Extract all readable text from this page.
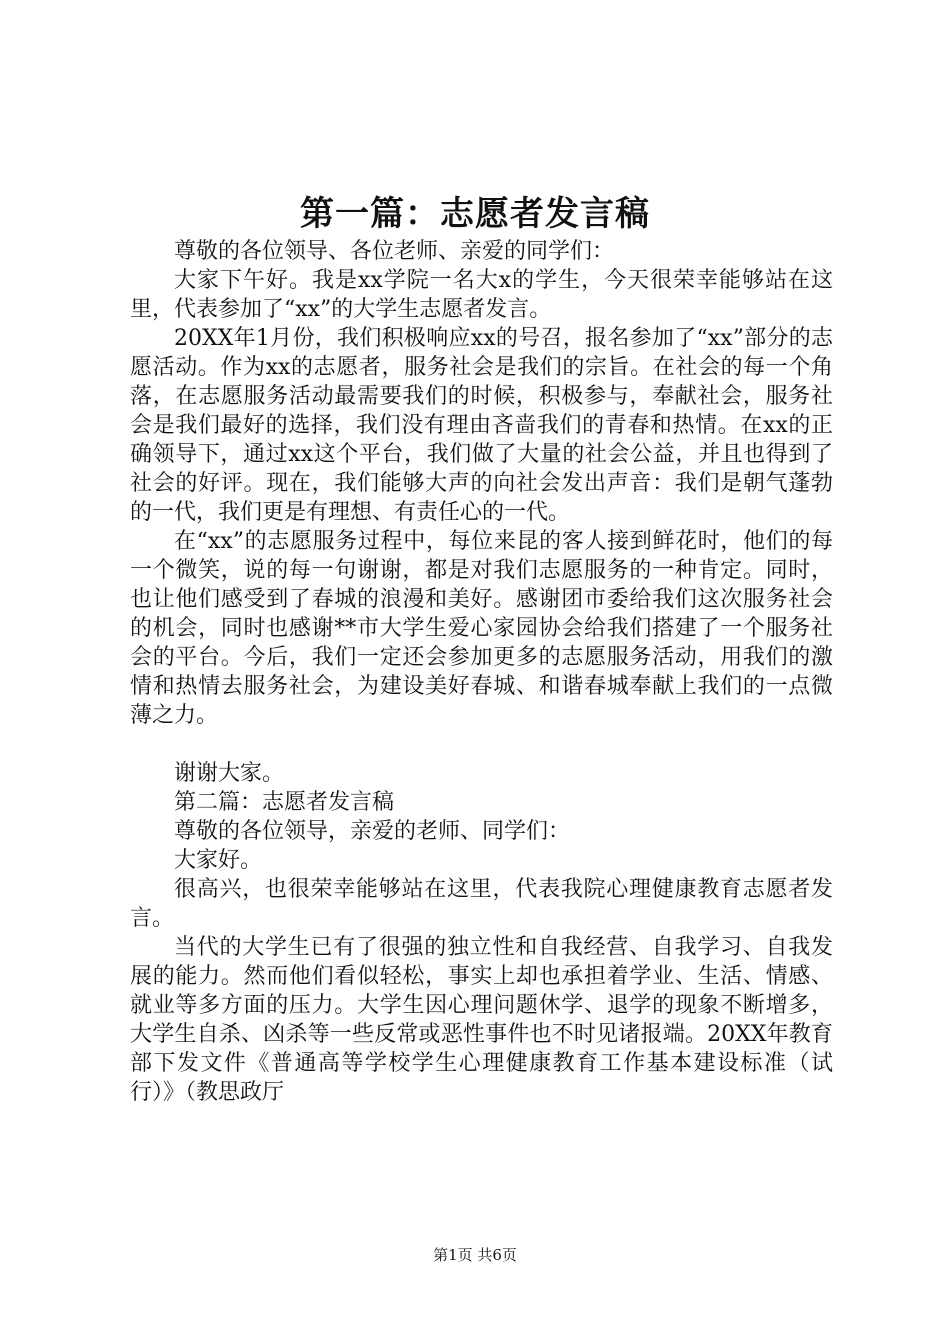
第一篇：志愿者发言稿

尊敬的各位领导、各位老师、亲爱的同学们：

大家下午好。我是xx学院一名大x的学生，今天很荣幸能够站在这里，代表参加了“xx”的大学生志愿者发言。

20XX年1月份，我们积极响应xx的号召，报名参加了“xx”部分的志愿活动。作为xx的志愿者，服务社会是我们的宗旨。在社会的每一个角落，在志愿服务活动最需要我们的时候，积极参与，奉献社会，服务社会是我们最好的选择，我们没有理由吝啬我们的青春和热情。在xx的正确领导下，通过xx这个平台，我们做了大量的社会公益，并且也得到了社会的好评。现在，我们能够大声的向社会发出声音：我们是朝气蓬勃的一代，我们更是有理想、有责任心的一代。

在“xx”的志愿服务过程中，每位来昆的客人接到鲜花时，他们的每一个微笑，说的每一句谢谢，都是对我们志愿服务的一种肯定。同时，也让他们感受到了春城的浪漫和美好。感谢团市委给我们这次服务社会的机会，同时也感谢**市大学生爱心家园协会给我们搭建了一个服务社会的平台。今后，我们一定还会参加更多的志愿服务活动，用我们的激情和热情去服务社会，为建设美好春城、和谐春城奉献上我们的一点微薄之力。

谢谢大家。

第二篇：志愿者发言稿

尊敬的各位领导，亲爱的老师、同学们：

大家好。

很高兴，也很荣幸能够站在这里，代表我院心理健康教育志愿者发言。

当代的大学生已有了很强的独立性和自我经营、自我学习、自我发展的能力。然而他们看似轻松，事实上却也承担着学业、生活、情感、就业等多方面的压力。大学生因心理问题休学、退学的现象不断增多，大学生自杀、凶杀等一些反常或恶性事件也不时见诸报端。20XX年教育部下发文件《普通高等学校学生心理健康教育工作基本建设标准（试行）》（教思政厅

第1页 共6页
